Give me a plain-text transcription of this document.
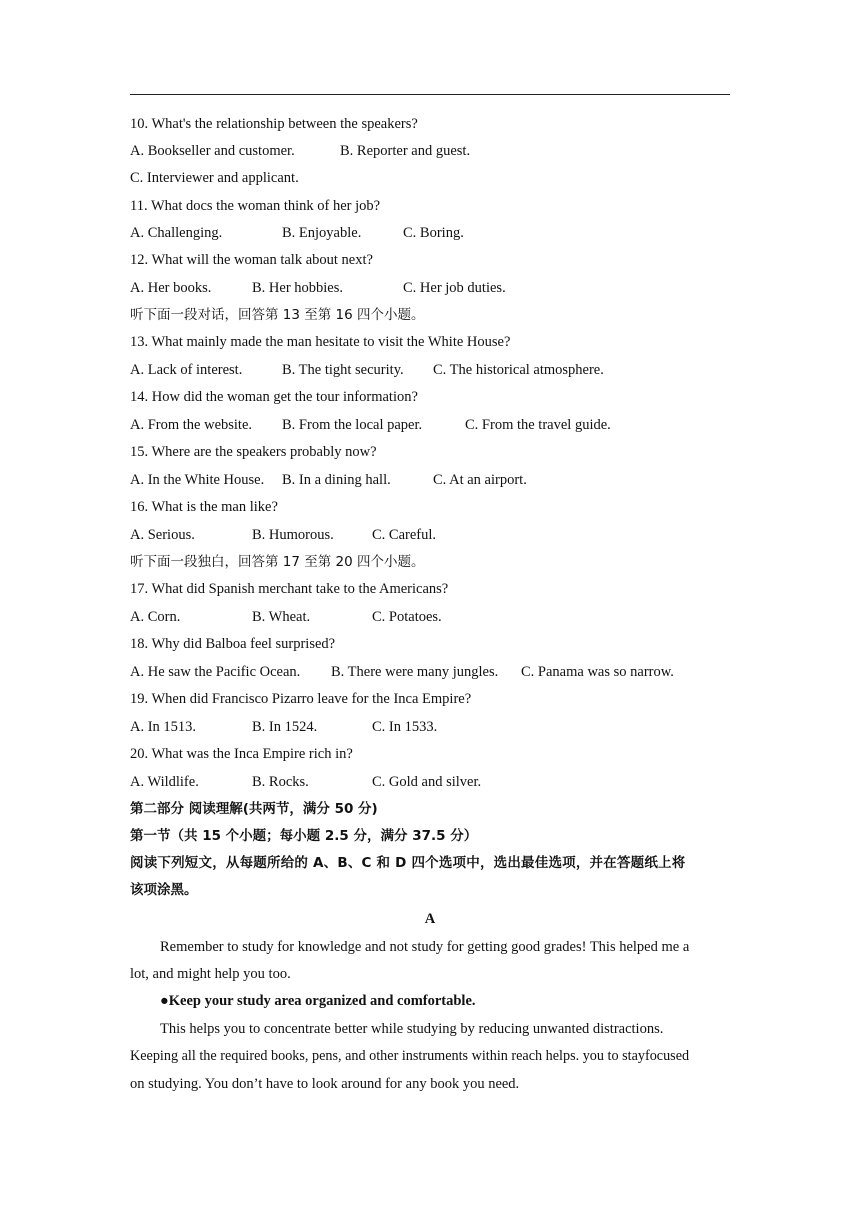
10. What's the relationship between the speakers?
A. Bookseller and customer.	B. Reporter and guest.
C. Interviewer and applicant.
11. What docs the woman think of her job?
A. Challenging.	B. Enjoyable.	C. Boring.
12. What will the woman talk about next?
A. Her books.	B. Her hobbies.	C. Her job duties.
听下面一段对话，回答第 13 至第 16 四个小题。
13. What mainly made the man hesitate to visit the White House?
A. Lack of interest.	B. The tight security. C. The historical atmosphere.
14. How did the woman get the tour information?
A. From the website. B. From the local paper.	C. From the travel guide.
15. Where are the speakers probably now?
A. In the White House. B. In a dining hall.	C. At an airport.
16. What is the man like?
A. Serious.	B. Humorous.	C. Careful.
听下面一段独白，回答第 17 至第 20 四个小题。
17. What did Spanish merchant take to the Americans?
A. Corn.	B. Wheat.	C. Potatoes.
18. Why did Balboa feel surprised?
A. He saw the Pacific Ocean. B. There were many jungles. C. Panama was so narrow.
19. When did Francisco Pizarro leave for the Inca Empire?
A. In 1513.	B. In 1524.	C. In 1533.
20. What was the Inca Empire rich in?
A. Wildlife.	B. Rocks.	C. Gold and silver.
第二部分 阅读理解(共两节，满分 50 分)
第一节（共 15 个小题；每小题 2.5 分，满分 37.5 分）
阅读下列短文，从每题所给的 A、B、C 和 D 四个选项中，选出最佳选项，并在答题纸上将
该项涂黑。
A
Remember to study for knowledge and not study for getting good grades! This helped me a
lot, and might help you too.
●Keep your study area organized and comfortable.
This helps you to concentrate better while studying by reducing unwanted distractions.
Keeping all the required books, pens, and other instruments within reach helps. you to stayfocused
on studying. You don’t have to look around for any book you need.
